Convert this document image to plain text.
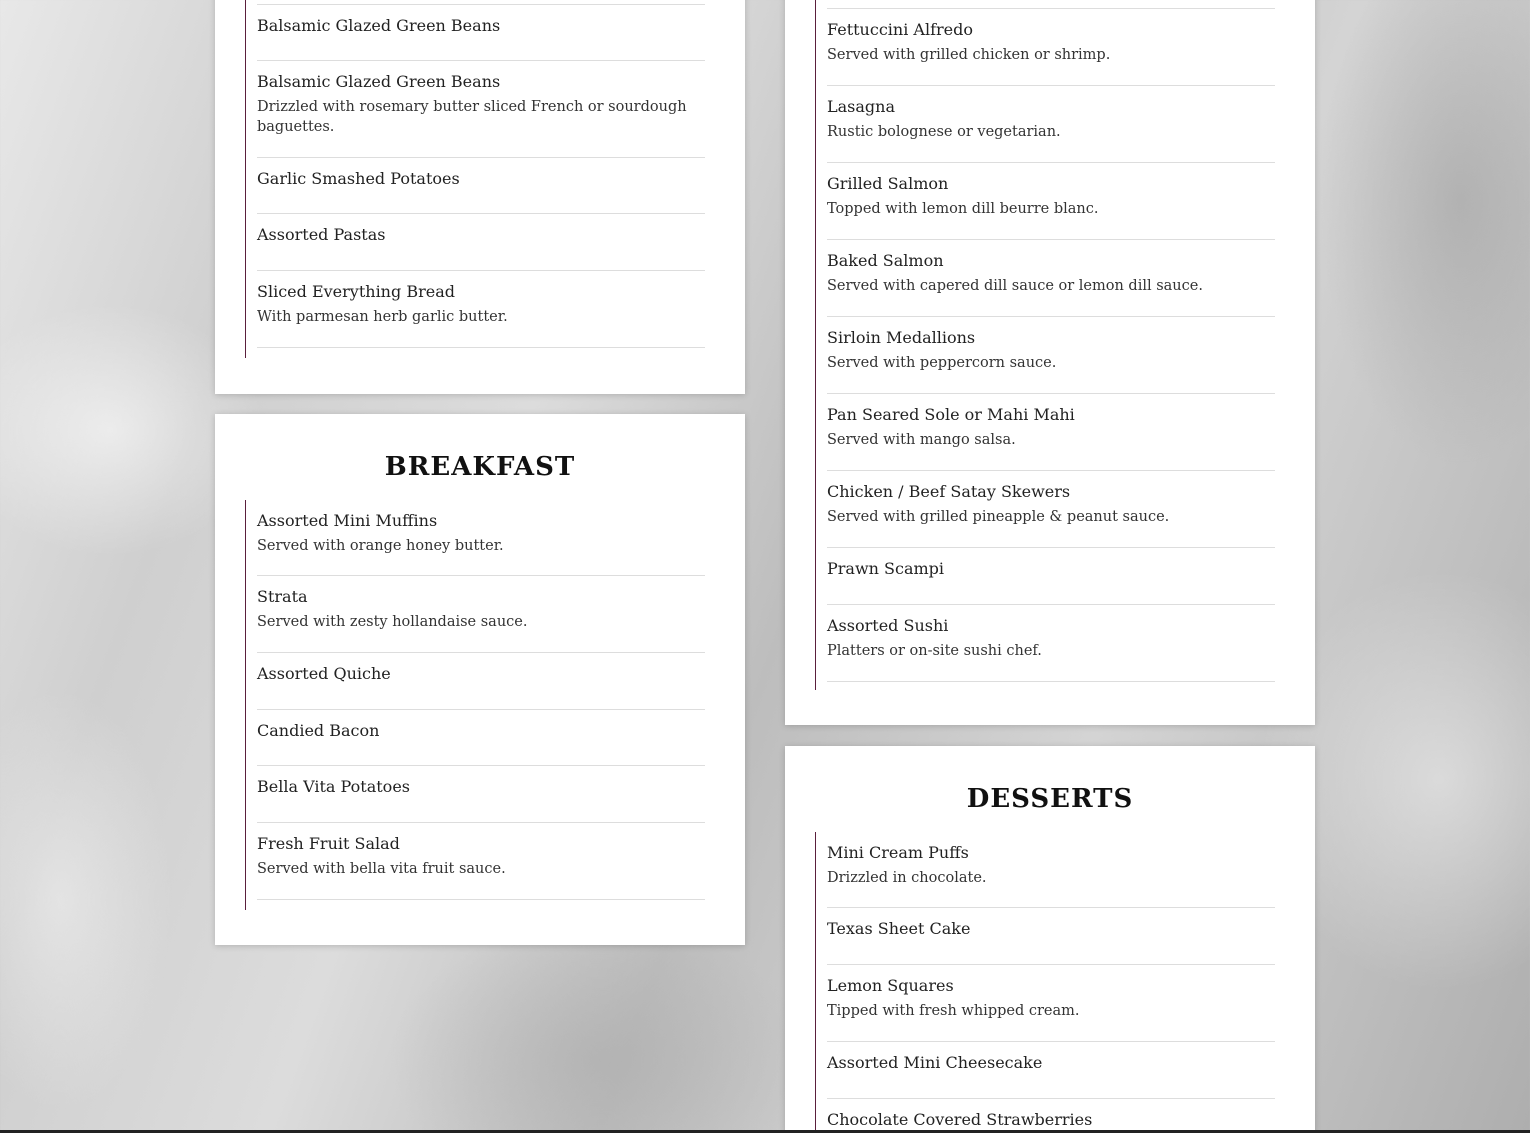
Balsamic Glazed Green Beans
Balsamic Glazed Green Beans
Drizzled with rosemary butter sliced French or sourdough baguettes.
Garlic Smashed Potatoes
Assorted Pastas
Sliced Everything Bread
With parmesan herb garlic butter.
BREAKFAST
Assorted Mini Muffins
Served with orange honey butter.
Strata
Served with zesty hollandaise sauce.
Assorted Quiche
Candied Bacon
Bella Vita Potatoes
Fresh Fruit Salad
Served with bella vita fruit sauce.
Fettuccini Alfredo
Served with grilled chicken or shrimp.
Lasagna
Rustic bolognese or vegetarian.
Grilled Salmon
Topped with lemon dill beurre blanc.
Baked Salmon
Served with capered dill sauce or lemon dill sauce.
Sirloin Medallions
Served with peppercorn sauce.
Pan Seared Sole or Mahi Mahi
Served with mango salsa.
Chicken / Beef Satay Skewers
Served with grilled pineapple & peanut sauce.
Prawn Scampi
Assorted Sushi
Platters or on-site sushi chef.
DESSERTS
Mini Cream Puffs
Drizzled in chocolate.
Texas Sheet Cake
Lemon Squares
Tipped with fresh whipped cream.
Assorted Mini Cheesecake
Chocolate Covered Strawberries
